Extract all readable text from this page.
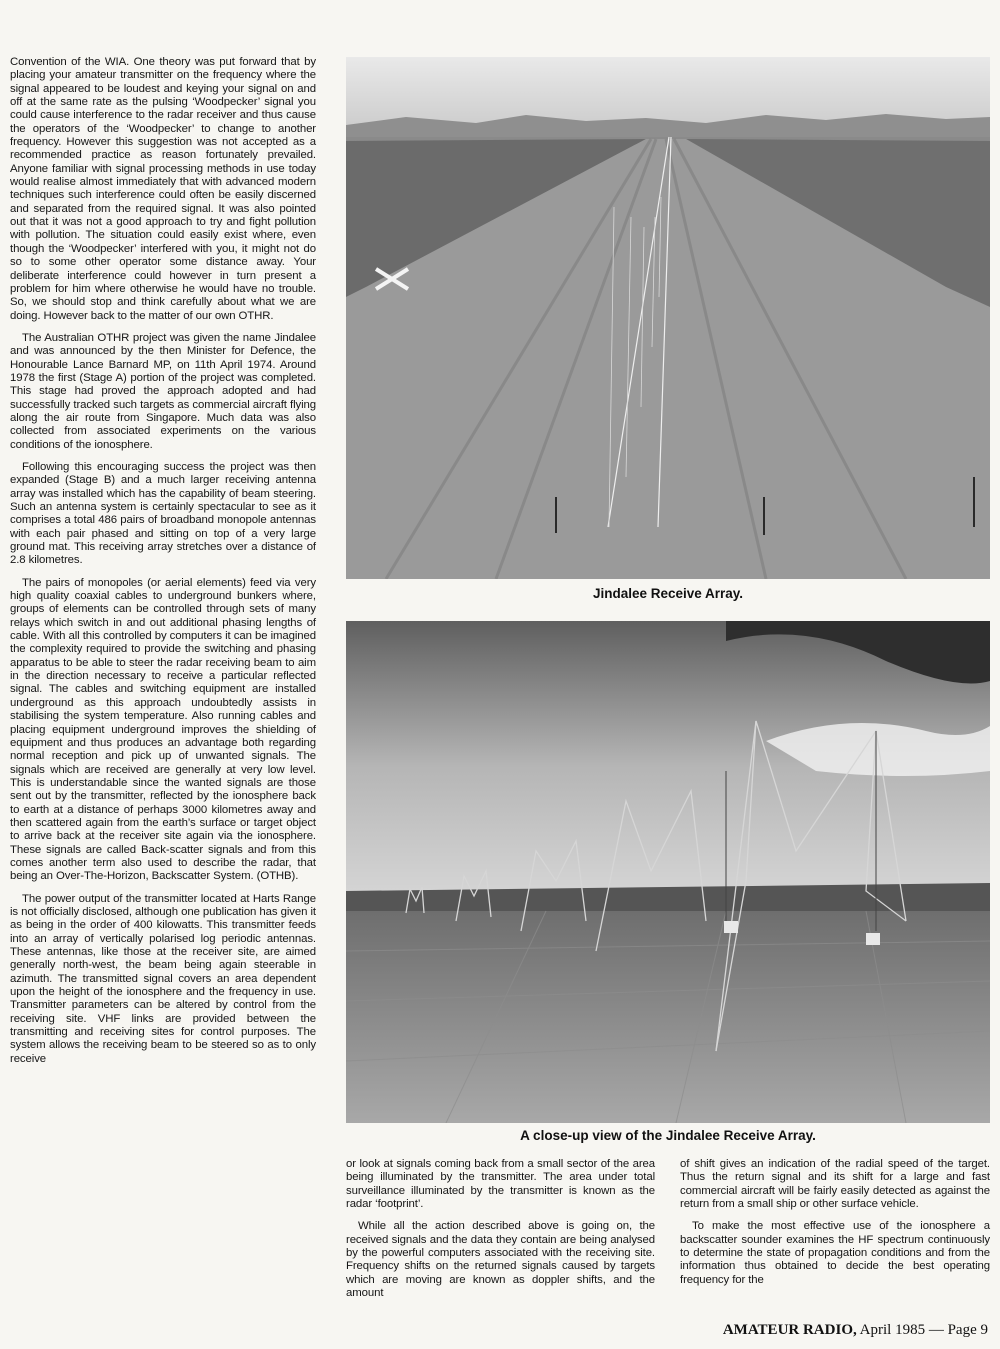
Convention of the WIA. One theory was put forward that by placing your amateur transmitter on the frequency where the signal appeared to be loudest and keying your signal on and off at the same rate as the pulsing ‘Woodpecker’ signal you could cause interference to the radar receiver and thus cause the operators of the ‘Woodpecker’ to change to another frequency. However this suggestion was not accepted as a recommended practice as reason fortunately prevailed. Anyone familiar with signal processing methods in use today would realise almost immediately that with advanced modern techniques such interference could often be easily discerned and separated from the required signal. It was also pointed out that it was not a good approach to try and fight pollution with pollution. The situation could easily exist where, even though the ‘Woodpecker’ interfered with you, it might not do so to some other operator some distance away. Your deliberate interference could however in turn present a problem for him where otherwise he would have no trouble. So, we should stop and think carefully about what we are doing. However back to the matter of our own OTHR.

The Australian OTHR project was given the name Jindalee and was announced by the then Minister for Defence, the Honourable Lance Barnard MP, on 11th April 1974. Around 1978 the first (Stage A) portion of the project was completed. This stage had proved the approach adopted and had successfully tracked such targets as commercial aircraft flying along the air route from Singapore. Much data was also collected from associated experiments on the various conditions of the ionosphere.

Following this encouraging success the project was then expanded (Stage B) and a much larger receiving antenna array was installed which has the capability of beam steering. Such an antenna system is certainly spectacular to see as it comprises a total 486 pairs of broadband monopole antennas with each pair phased and sitting on top of a very large ground mat. This receiving array stretches over a distance of 2.8 kilometres.

The pairs of monopoles (or aerial elements) feed via very high quality coaxial cables to underground bunkers where, groups of elements can be controlled through sets of many relays which switch in and out additional phasing lengths of cable. With all this controlled by computers it can be imagined the complexity required to provide the switching and phasing apparatus to be able to steer the radar receiving beam to aim in the direction necessary to receive a particular reflected signal. The cables and switching equipment are installed underground as this approach undoubtedly assists in stabilising the system temperature. Also running cables and placing equipment underground improves the shielding of equipment and thus produces an advantage both regarding normal reception and pick up of unwanted signals. The signals which are received are generally at very low level. This is understandable since the wanted signals are those sent out by the transmitter, reflected by the ionosphere back to earth at a distance of perhaps 3000 kilometres away and then scattered again from the earth’s surface or target object to arrive back at the receiver site again via the ionosphere. These signals are called Back-scatter signals and from this comes another term also used to describe the radar, that being an Over-The-Horizon, Backscatter System. (OTHB).

The power output of the transmitter located at Harts Range is not officially disclosed, although one publication has given it as being in the order of 400 kilowatts. This transmitter feeds into an array of vertically polarised log periodic antennas. These antennas, like those at the receiver site, are aimed generally north-west, the beam being again steerable in azimuth. The transmitted signal covers an area dependent upon the height of the ionosphere and the frequency in use. Transmitter parameters can be altered by control from the receiving site. VHF links are provided between the transmitting and receiving sites for control purposes. The system allows the receiving beam to be steered so as to only receive

Jindalee Receive Array.
A close-up view of the Jindalee Receive Array.

or look at signals coming back from a small sector of the area being illuminated by the transmitter. The area under total surveillance illuminated by the transmitter is known as the radar ‘footprint’.

While all the action described above is going on, the received signals and the data they contain are being analysed by the powerful computers associated with the receiving site. Frequency shifts on the returned signals caused by targets which are moving are known as doppler shifts, and the amount

of shift gives an indication of the radial speed of the target. Thus the return signal and its shift for a large and fast commercial aircraft will be fairly easily detected as against the return from a small ship or other surface vehicle.

To make the most effective use of the ionosphere a backscatter sounder examines the HF spectrum continuously to determine the state of propagation conditions and from the information thus obtained to decide the best operating frequency for the

AMATEUR RADIO, April 1985 — Page 9
